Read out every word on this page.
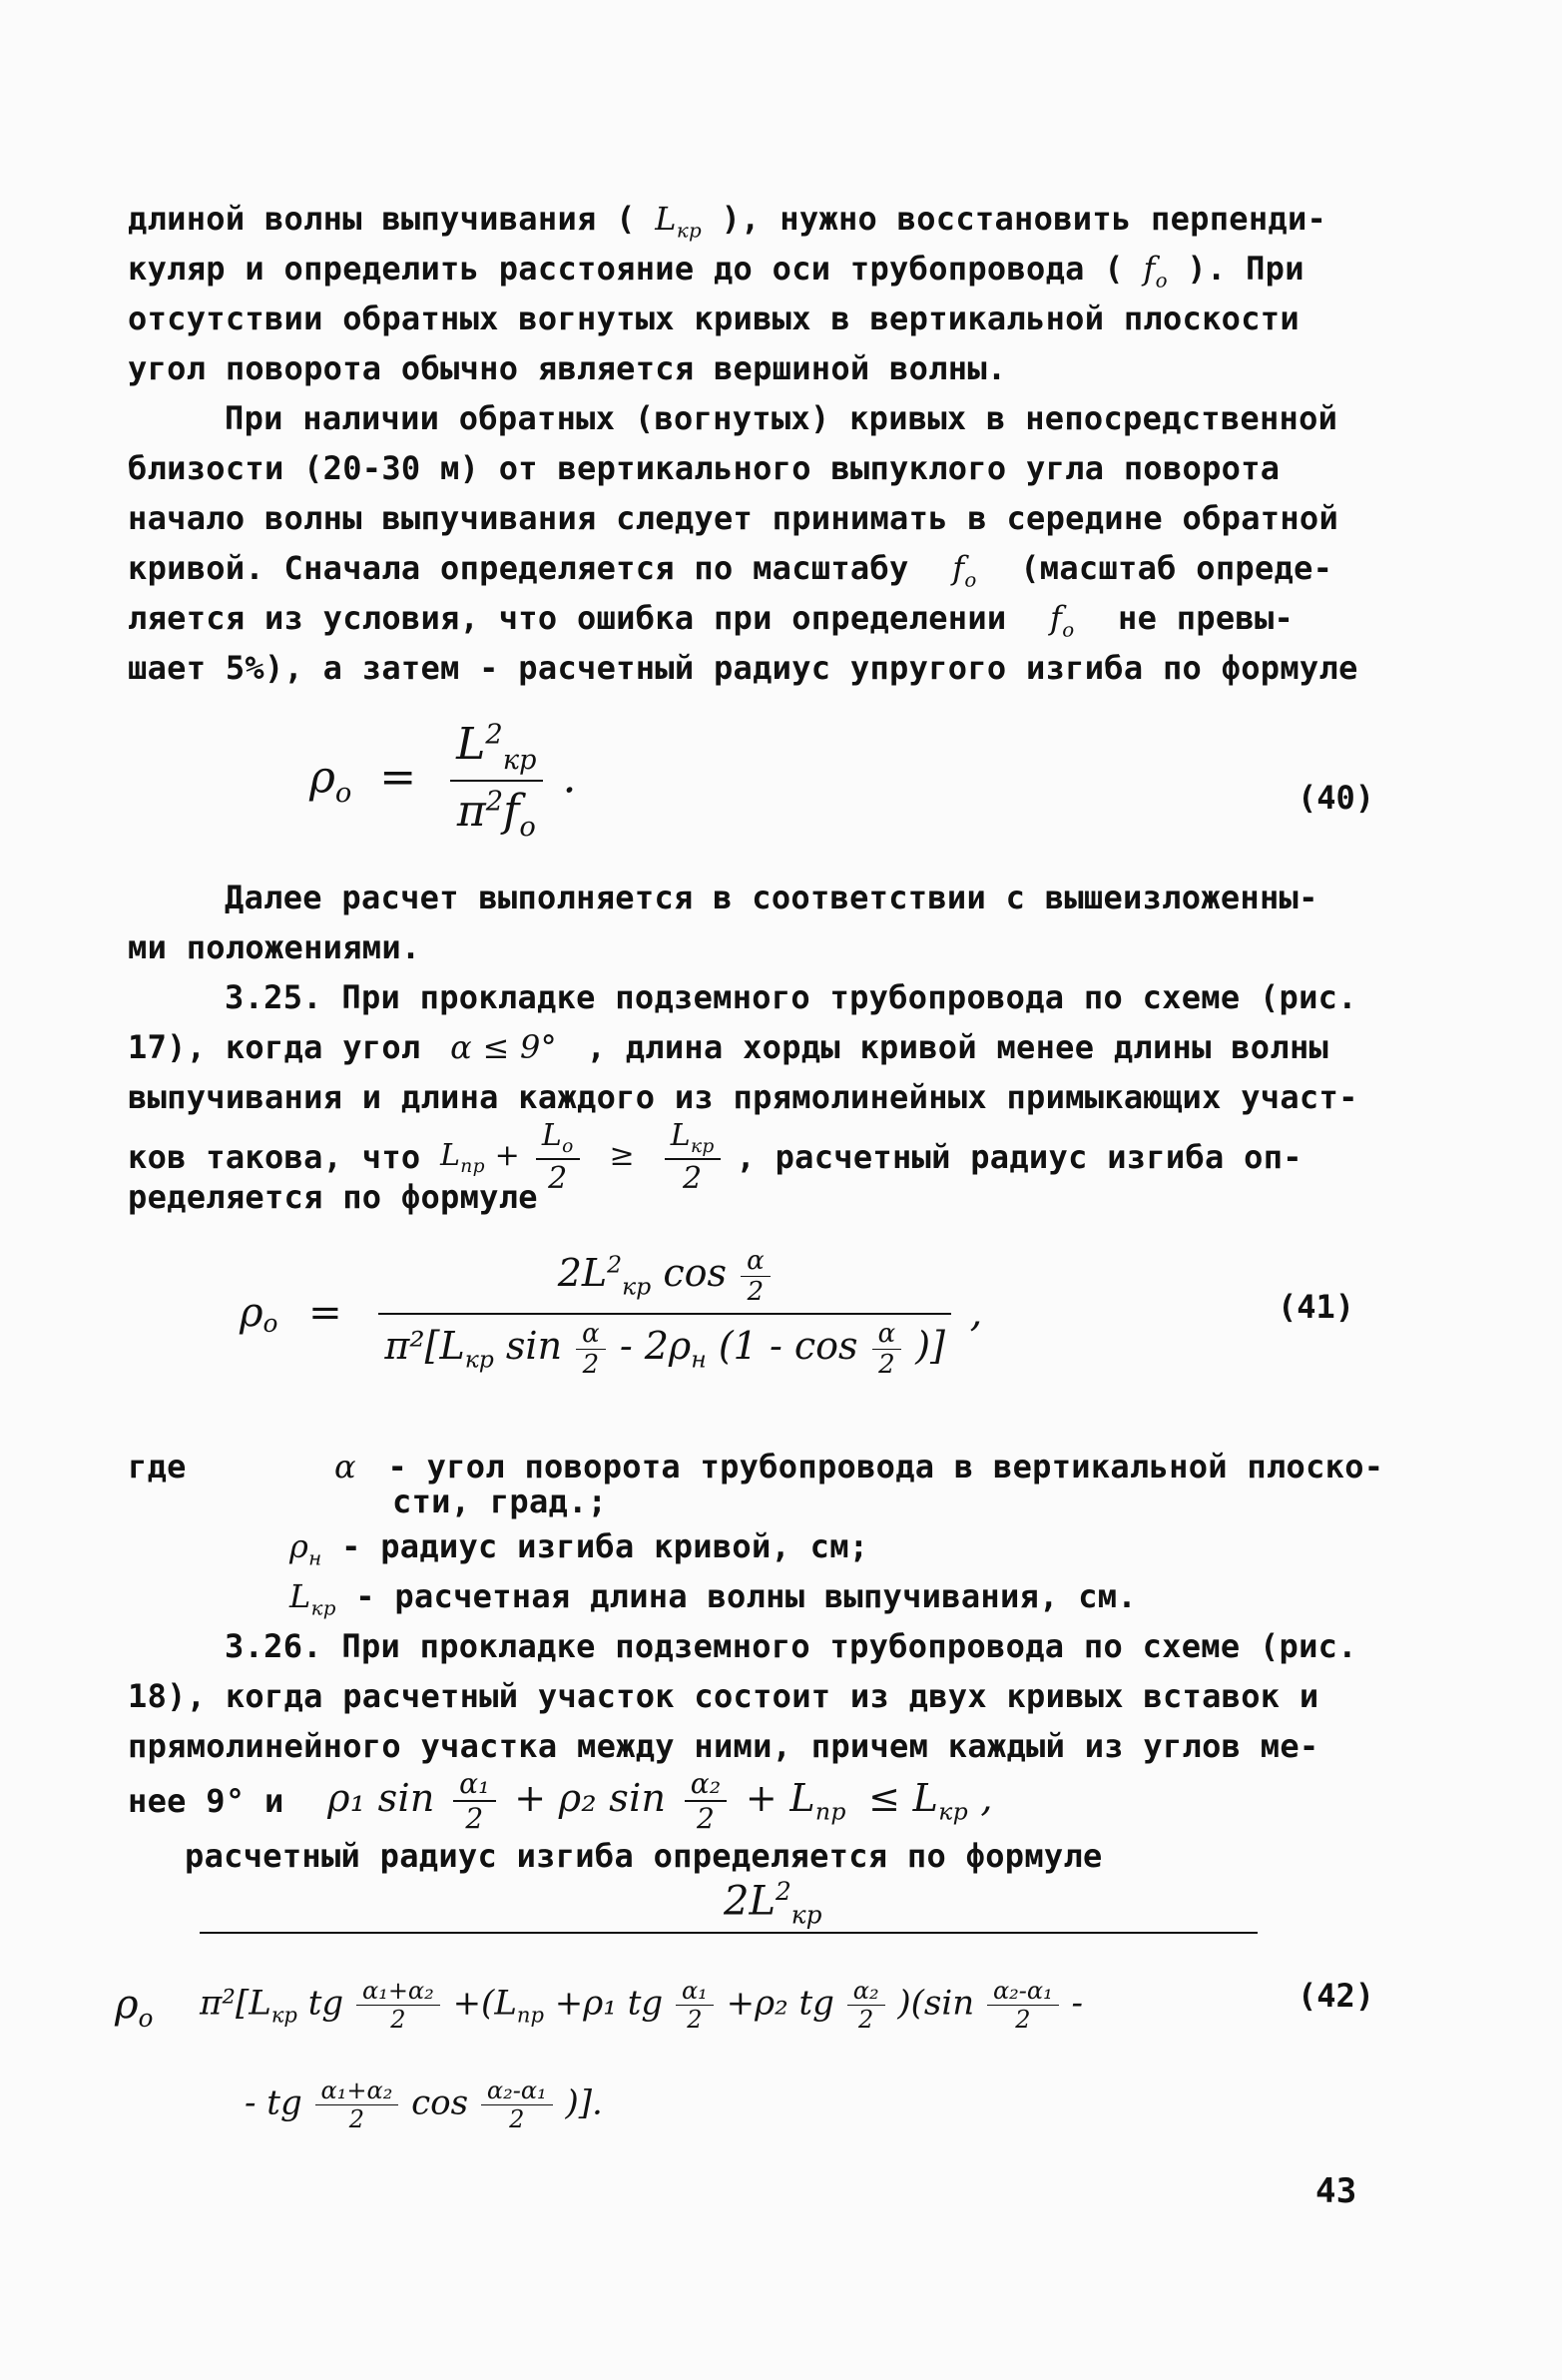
длиной волны выпучивания ( $L_{кр}$ ), нужно восстановить перпенди-
куляр и определить расстояние до оси трубопровода ( $f_o$ ). При
отсутствии обратных вогнутых кривых в вертикальной плоскости
угол поворота обычно является вершиной волны.
При наличии обратных (вогнутых) кривых в непосредственной
близости (20-30 м) от вертикального выпуклого угла поворота
начало волны выпучивания следует принимать в середине обратной
кривой. Сначала определяется по масштабу $f_o$ (масштаб опреде-
ляется из условия, что ошибка при определении $f_o$ не превы-
шает 5%), а затем - расчетный радиус упругого изгиба по формуле
$\rho_o = \frac{L^2_{кр}}{\pi^2f_o}$ .	(40)
Далее расчет выполняется в соответствии с вышеизложенны-
ми положениями.
3.25. При прокладке подземного трубопровода по схеме (рис.
17), когда угол α ≤ 9° , длина хорды кривой менее длины волны
выпучивания и длина каждого из прямолинейных примыкающих участ-
ков такова, что $L_{пр} + \frac{L_o}{2} \ge \frac{L_{кр}}{2}$ , расчетный радиус изгиба оп-
ределяется по формуле
$\rho_o$ =
$2L^2_{кр}$ $\cos \frac{\alpha}{2}$
$\pi^2[L_{кр}$ $\sin \frac{\alpha}{2} - 2\rho_н$ ($1 - \cos \frac{\alpha}{2}$ )]
,	(41)
где	α - угол поворота трубопровода в вертикальной плоско-
сти, град.;
$\rho_н$ - радиус изгиба кривой, см;
$L_{кр}$ - расчетная длина волны выпучивания, см.
3.26. При прокладке подземного трубопровода по схеме (рис.
18), когда расчетный участок состоит из двух кривых вставок и
прямолинейного участка между ними, причем каждый из углов ме-
нее 9° и ρ₁ $\sin \frac{\text{α₁}}{2} + \rho_2$ $\sin \frac{\text{α₂}}{2} + L_{пр} \le L_{кр}$ ,
расчетный радиус изгиба определяется по формуле
$\rho_o$
$2L^2_{кр}$
$\pi^2[L_{кр}$ tg $\frac{\text{α₁+α₂}}{2} +(L_{пр} +\rho_1$ tg $\frac{\text{α₁}}{2} +\rho_2$ tg $\frac{\text{α₂}}{2} )(\sin \frac{\text{α₂-α₁}}{2}$ -
- tg $\frac{\text{α₁+α₂}}{2}$ $\cos \frac{\text{α₂-α₁}}{2}$ )].
(42)
43
